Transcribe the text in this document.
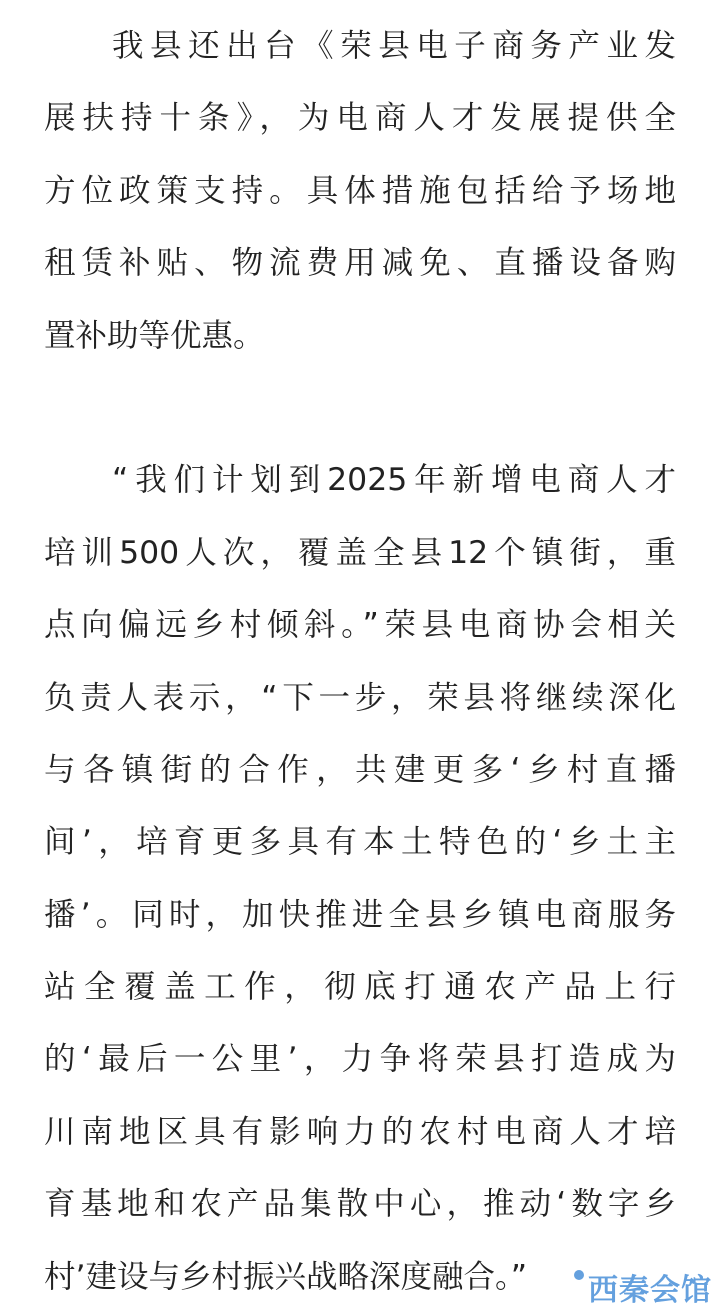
我县还出台《荣县电子商务产业发
展扶持十条》，为电商人才发展提供全
方位政策支持。具体措施包括给予场地
租赁补贴、物流费用减免、直播设备购
置补助等优惠。
“我们计划到2025年新增电商人才
培训500人次，覆盖全县12个镇街，重
点向偏远乡村倾斜。”荣县电商协会相关
负责人表示，“下一步，荣县将继续深化
与各镇街的合作，共建更多‘乡村直播
间’，培育更多具有本土特色的‘乡土主
播’。同时，加快推进全县乡镇电商服务
站全覆盖工作，彻底打通农产品上行
的‘最后一公里’，力争将荣县打造成为
川南地区具有影响力的农村电商人才培
育基地和农产品集散中心，推动‘数字乡
村’建设与乡村振兴战略深度融合。”	西秦会馆
